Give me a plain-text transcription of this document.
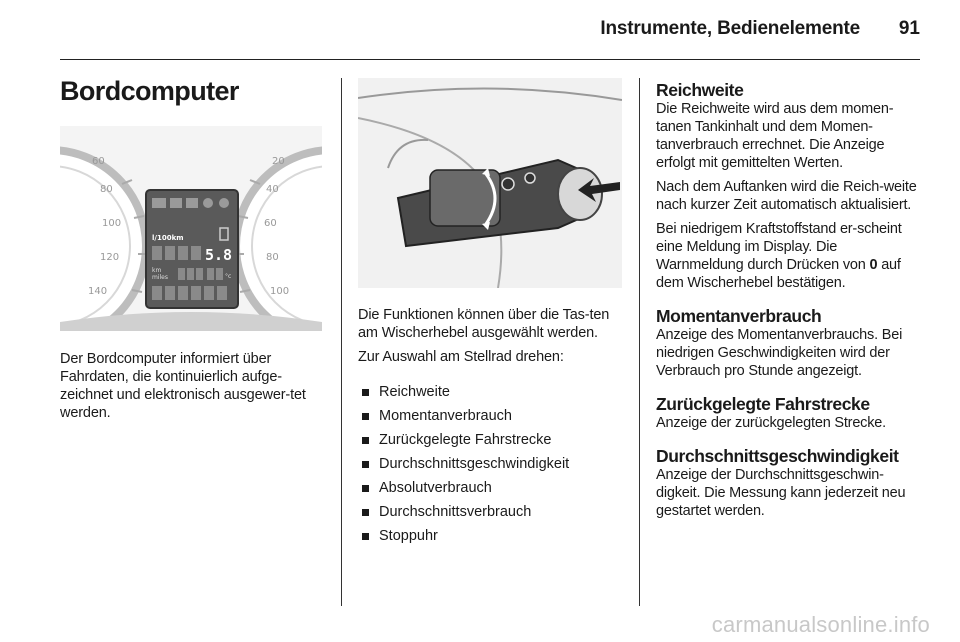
Instrumente, Bedienelemente	91
Bordcomputer
60
80
100
120
140
20
40
60
80
100
l/100km
5.8
km
miles	°c

Der Bordcomputer informiert über Fahrdaten, die kontinuierlich aufge-zeichnet und elektronisch ausgewer-tet werden.

Die Funktionen können über die Tas-ten am Wischerhebel ausgewählt werden.

Zur Auswahl am Stellrad drehen:

Reichweite
Momentanverbrauch
Zurückgelegte Fahrstrecke
Durchschnittsgeschwindigkeit
Absolutverbrauch
Durchschnittsverbrauch
Stoppuhr
Reichweite

Die Reichweite wird aus dem momen-tanen Tankinhalt und dem Momen-tanverbrauch errechnet. Die Anzeige erfolgt mit gemittelten Werten.

Nach dem Auftanken wird die Reich-weite nach kurzer Zeit automatisch aktualisiert.

Bei niedrigem Kraftstoffstand er-scheint eine Meldung im Display. Die Warnmeldung durch Drücken von 0 auf dem Wischerhebel bestätigen.

Momentanverbrauch

Anzeige des Momentanverbrauchs. Bei niedrigen Geschwindigkeiten wird der Verbrauch pro Stunde angezeigt.

Zurückgelegte Fahrstrecke

Anzeige der zurückgelegten Strecke.

Durchschnittsgeschwindigkeit

Anzeige der Durchschnittsgeschwin-digkeit. Die Messung kann jederzeit neu gestartet werden.

carmanualsonline.info
